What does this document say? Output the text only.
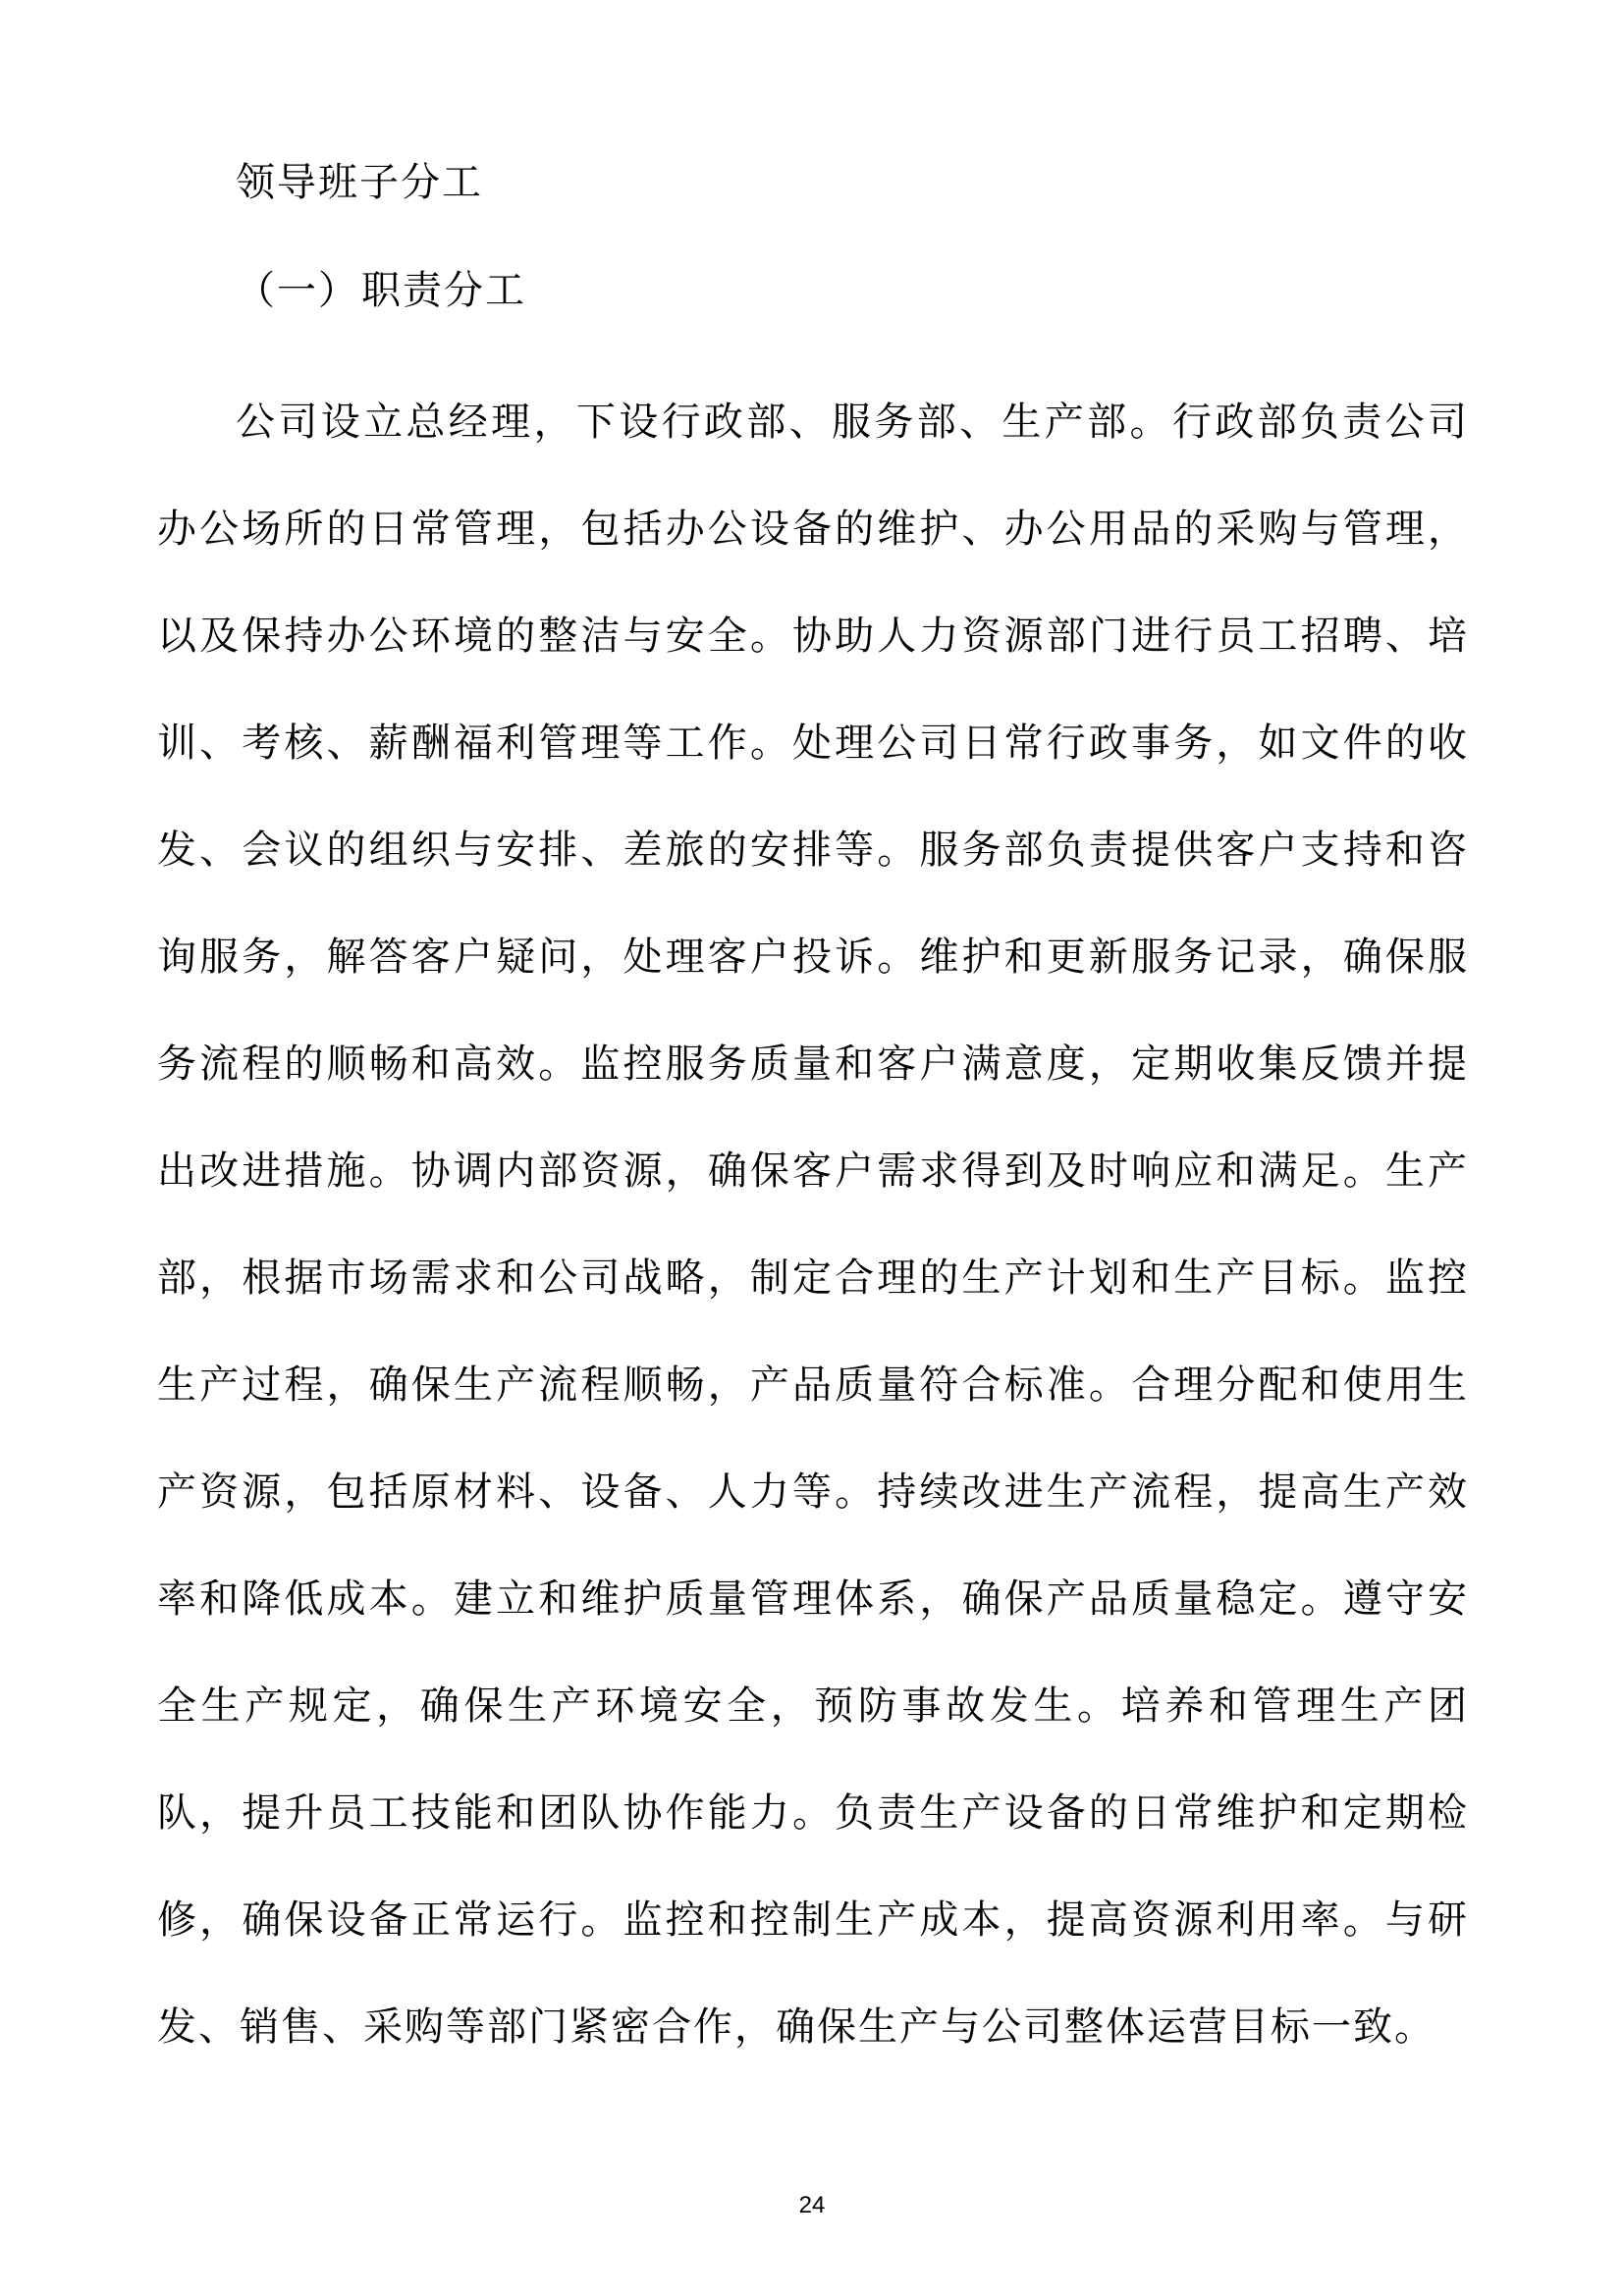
领导班子分工
（一）职责分工

公司设立总经理，下设行政部、服务部、生产部。行政部负责公司办公场所的日常管理，包括办公设备的维护、办公用品的采购与管理，以及保持办公环境的整洁与安全。协助人力资源部门进行员工招聘、培训、考核、薪酬福利管理等工作。处理公司日常行政事务，如文件的收发、会议的组织与安排、差旅的安排等。服务部负责提供客户支持和咨询服务，解答客户疑问，处理客户投诉。维护和更新服务记录，确保服务流程的顺畅和高效。监控服务质量和客户满意度，定期收集反馈并提出改进措施。协调内部资源，确保客户需求得到及时响应和满足。生产部，根据市场需求和公司战略，制定合理的生产计划和生产目标。监控生产过程，确保生产流程顺畅，产品质量符合标准。合理分配和使用生产资源，包括原材料、设备、人力等。持续改进生产流程，提高生产效率和降低成本。建立和维护质量管理体系，确保产品质量稳定。遵守安全生产规定，确保生产环境安全，预防事故发生。培养和管理生产团队，提升员工技能和团队协作能力。负责生产设备的日常维护和定期检修，确保设备正常运行。监控和控制生产成本，提高资源利用率。与研发、销售、采购等部门紧密合作，确保生产与公司整体运营目标一致。

24
